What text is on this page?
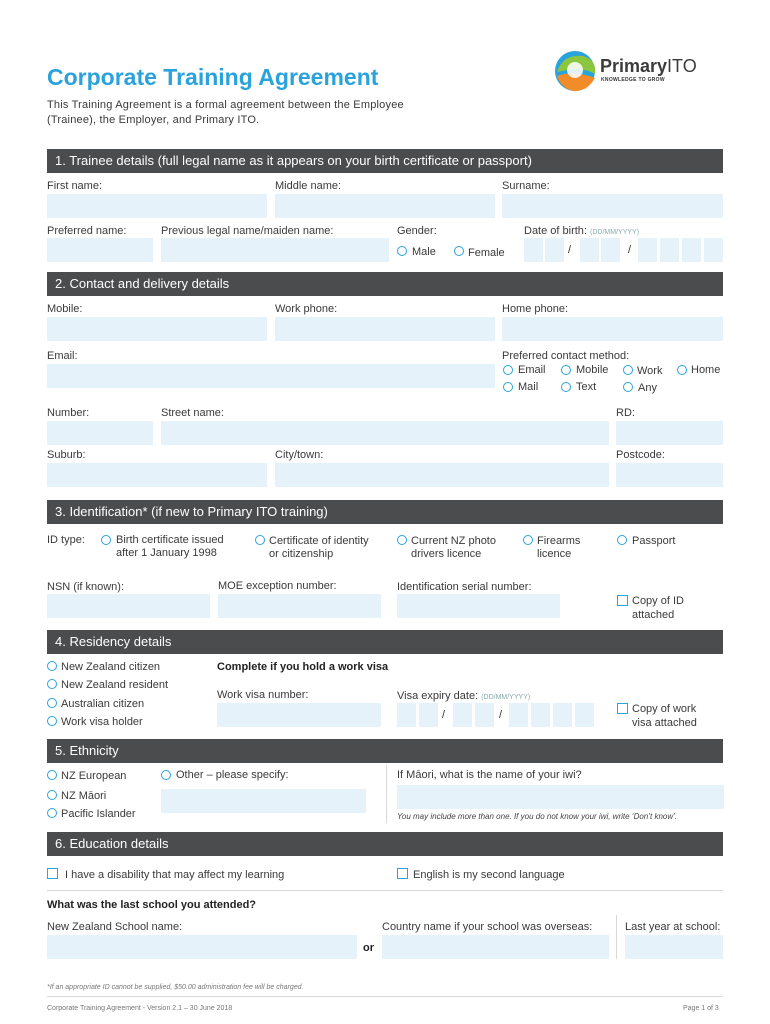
Corporate Training Agreement
This Training Agreement is a formal agreement between the Employee (Trainee), the Employer, and Primary ITO.
PrimaryITO
KNOWLEDGE TO GROW
1. Trainee details (full legal name as it appears on your birth certificate or passport)
First name:	Middle name:	Surname:
Preferred name:	Previous legal name/maiden name:	Gender:
Male	Female
Date of birth: (DD/MM/YYYY)
/	/
2. Contact and delivery details
Mobile:	Work phone:	Home phone:
Email:	Preferred contact method:
Email	Mobile	Work	Home
Mail	Text	Any
Number:	Street name:	RD:
Suburb:	City/town:	Postcode:
3. Identification* (if new to Primary ITO training)
ID type:	Birth certificate issued
after 1 January 1998
Certificate of identity
or citizenship
Current NZ photo
drivers licence
Firearms
licence
Passport
NSN (if known):	MOE exception number:	Identification serial number:
Copy of ID
attached
4. Residency details
New Zealand citizen
New Zealand resident
Australian citizen
Work visa holder
Complete if you hold a work visa
Work visa number:	Visa expiry date: (DD/MM/YYYY)
/	/	Copy of work
visa attached
5. Ethnicity
NZ European
NZ Māori
Pacific Islander
Other – please specify:	If Māori, what is the name of your iwi?
You may include more than one. If you do not know your iwi, write ‘Don’t know’.
6. Education details
I have a disability that may affect my learning	English is my second language
What was the last school you attended?
New Zealand School name:
or
Country name if your school was overseas:	Last year at school:
*If an appropriate ID cannot be supplied, $50.00 administration fee will be charged.
Corporate Training Agreement - Version 2.1 – 30 June 2018	Page 1 of 3
